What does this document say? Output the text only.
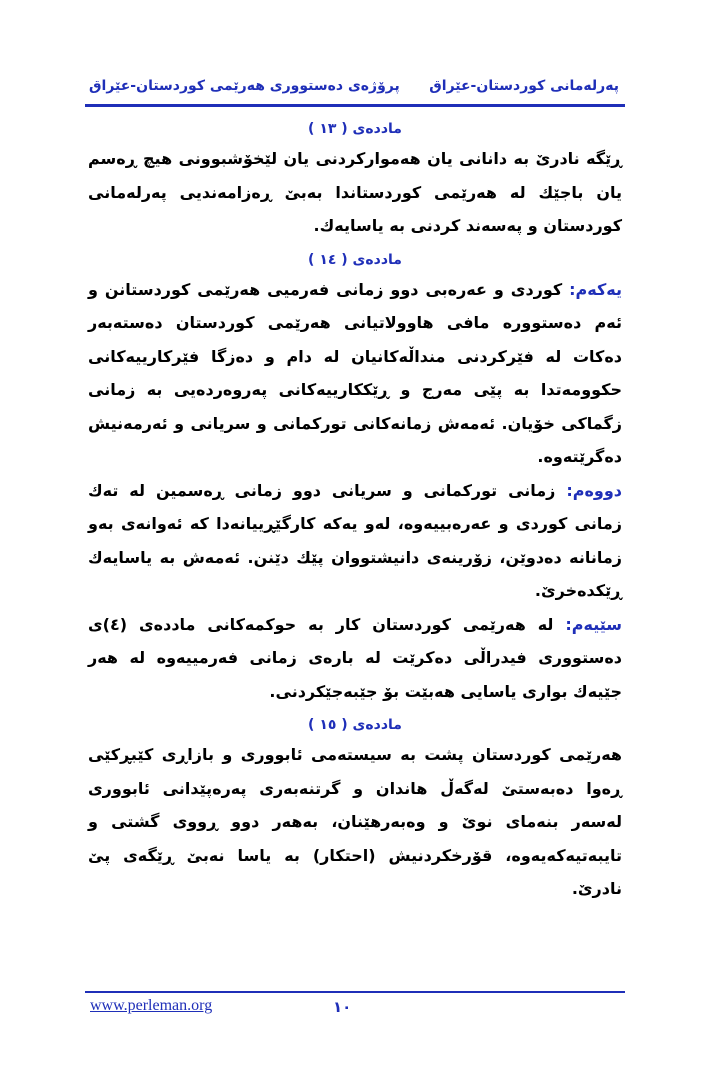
پەرلەمانی کوردستان-عێراق
پرۆژەی دەستووری هەرێمی کوردستان-عێراق
ماددەی ( ١٣ )

ڕێگە نادرێ بە دانانی یان هەموارکردنی یان لێخۆشبوونی هیچ ڕەسم یان باجێك لە هەرێمی کوردستاندا بەبێ ڕەزامەندیی پەرلەمانی کوردستان و پەسەند کردنی بە یاسایەك.

ماددەی ( ١٤ )

یەکەم: کوردی و عەرەبی دوو زمانی فەرمیی هەرێمی کوردستانن و ئەم دەستوورە مافی هاوولاتیانی هەرێمی کوردستان دەستەبەر دەکات لە فێرکردنی منداڵەکانیان لە دام و دەزگا فێرکارییەکانی حکوومەتدا بە پێی مەرج و ڕێککارییەکانی پەروەردەیی بە زمانی زگماکی خۆیان. ئەمەش زمانەکانی تورکمانی و سریانی و ئەرمەنیش دەگرێتەوە.

دووەم: زمانی تورکمانی و سریانی دوو زمانی ڕەسمین لە تەك زمانی کوردی و عەرەبییەوە، لەو یەکە کارگێڕییانەدا کە ئەوانەی بەو زمانانە دەدوێن، زۆرینەی دانیشتووان پێك دێنن. ئەمەش بە یاسایەك ڕێکدەخرێ.

سێیەم: لە هەرێمی کوردستان کار بە حوکمەکانی ماددەی (٤)ی دەستووری فیدراڵی دەکرێت لە بارەی زمانی فەرمییەوە لە هەر جێیەك بواری یاسایی هەبێت بۆ جێبەجێکردنی.

ماددەی ( ١٥ )

هەرێمی کوردستان پشت بە سیستەمی ئابووری و بازاڕی کێبڕکێی ڕەوا دەبەستێ لەگەڵ هاندان و گرتنەبەری پەرەپێدانی ئابووری لەسەر بنەمای نوێ و وەبەرهێنان، بەهەر دوو ڕووی گشتی و تایبەتیەکەیەوە، قۆرخکردنیش (احتکار) بە یاسا نەبێ ڕێگەی پێ نادرێ.

www.perleman.org	١٠
